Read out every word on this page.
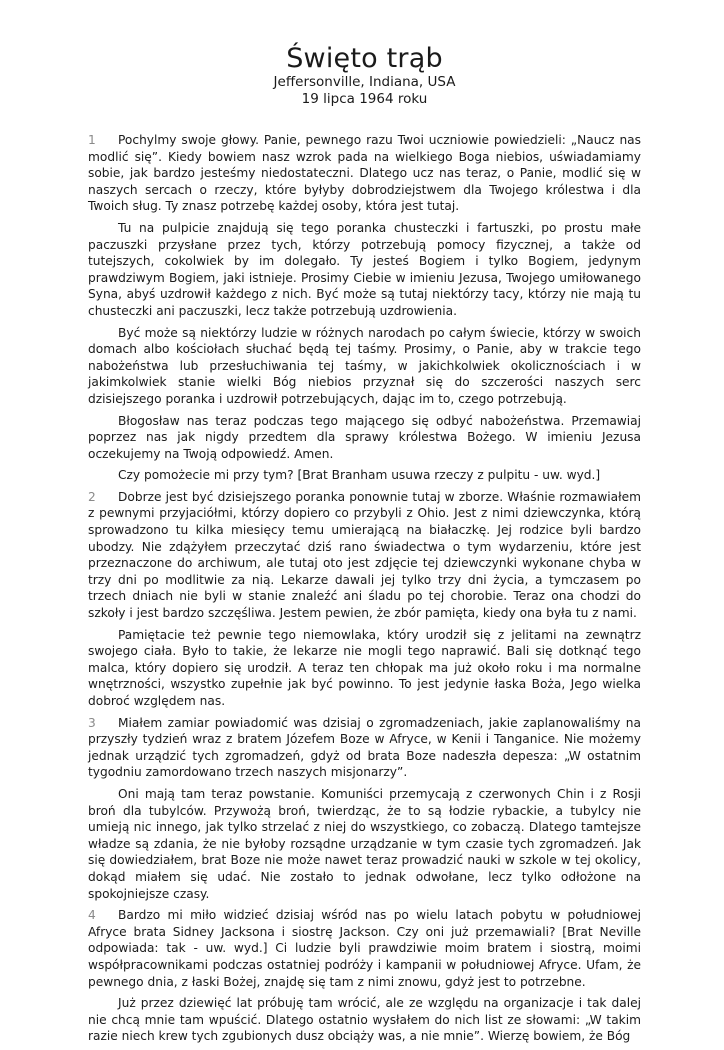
Święto trąb

Jeffersonville, Indiana, USA

19 lipca 1964 roku

1 Pochylmy swoje głowy. Panie, pewnego razu Twoi uczniowie powiedzieli: „Naucz nas modlić się”. Kiedy bowiem nasz wzrok pada na wielkiego Boga niebios, uświadamiamy sobie, jak bardzo jesteśmy niedostateczni. Dlatego ucz nas teraz, o Panie, modlić się w naszych sercach o rzeczy, które byłyby dobrodziejstwem dla Twojego królestwa i dla Twoich sług. Ty znasz potrzebę każdej osoby, która jest tutaj.

Tu na pulpicie znajdują się tego poranka chusteczki i fartuszki, po prostu małe paczuszki przysłane przez tych, którzy potrzebują pomocy fizycznej, a także od tutejszych, cokolwiek by im dolegało. Ty jesteś Bogiem i tylko Bogiem, jedynym prawdziwym Bogiem, jaki istnieje. Prosimy Ciebie w imieniu Jezusa, Twojego umiłowanego Syna, abyś uzdrowił każdego z nich. Być może są tutaj niektórzy tacy, którzy nie mają tu chusteczki ani paczuszki, lecz także potrzebują uzdrowienia.

Być może są niektórzy ludzie w różnych narodach po całym świecie, którzy w swoich domach albo kościołach słuchać będą tej taśmy. Prosimy, o Panie, aby w trakcie tego nabożeństwa lub przesłuchiwania tej taśmy, w jakichkolwiek okolicznościach i w jakimkolwiek stanie wielki Bóg niebios przyznał się do szczerości naszych serc dzisiejszego poranka i uzdrowił potrzebujących, dając im to, czego potrzebują.

Błogosław nas teraz podczas tego mającego się odbyć nabożeństwa. Przemawiaj poprzez nas jak nigdy przedtem dla sprawy królestwa Bożego. W imieniu Jezusa oczekujemy na Twoją odpowiedź. Amen.

Czy pomożecie mi przy tym? [Brat Branham usuwa rzeczy z pulpitu - uw. wyd.]

2 Dobrze jest być dzisiejszego poranka ponownie tutaj w zborze. Właśnie rozmawiałem z pewnymi przyjaciółmi, którzy dopiero co przybyli z Ohio. Jest z nimi dziewczynka, którą sprowadzono tu kilka miesięcy temu umierającą na białaczkę. Jej rodzice byli bardzo ubodzy. Nie zdążyłem przeczytać dziś rano świadectwa o tym wydarzeniu, które jest przeznaczone do archiwum, ale tutaj oto jest zdjęcie tej dziewczynki wykonane chyba w trzy dni po modlitwie za nią. Lekarze dawali jej tylko trzy dni życia, a tymczasem po trzech dniach nie byli w stanie znaleźć ani śladu po tej chorobie. Teraz ona chodzi do szkoły i jest bardzo szczęśliwa. Jestem pewien, że zbór pamięta, kiedy ona była tu z nami.

Pamiętacie też pewnie tego niemowlaka, który urodził się z jelitami na zewnątrz swojego ciała. Było to takie, że lekarze nie mogli tego naprawić. Bali się dotknąć tego malca, który dopiero się urodził. A teraz ten chłopak ma już około roku i ma normalne wnętrzności, wszystko zupełnie jak być powinno. To jest jedynie łaska Boża, Jego wielka dobroć względem nas.

3 Miałem zamiar powiadomić was dzisiaj o zgromadzeniach, jakie zaplanowaliśmy na przyszły tydzień wraz z bratem Józefem Boze w Afryce, w Kenii i Tanganice. Nie możemy jednak urządzić tych zgromadzeń, gdyż od brata Boze nadeszła depesza: „W ostatnim tygodniu zamordowano trzech naszych misjonarzy”.

Oni mają tam teraz powstanie. Komuniści przemycają z czerwonych Chin i z Rosji broń dla tubylców. Przywożą broń, twierdząc, że to są łodzie rybackie, a tubylcy nie umieją nic innego, jak tylko strzelać z niej do wszystkiego, co zobaczą. Dlatego tamtejsze władze są zdania, że nie byłoby rozsądne urządzanie w tym czasie tych zgromadzeń. Jak się dowiedziałem, brat Boze nie może nawet teraz prowadzić nauki w szkole w tej okolicy, dokąd miałem się udać. Nie zostało to jednak odwołane, lecz tylko odłożone na spokojniejsze czasy.

4 Bardzo mi miło widzieć dzisiaj wśród nas po wielu latach pobytu w południowej Afryce brata Sidney Jacksona i siostrę Jackson. Czy oni już przemawiali? [Brat Neville odpowiada: tak - uw. wyd.] Ci ludzie byli prawdziwie moim bratem i siostrą, moimi współpracownikami podczas ostatniej podróży i kampanii w południowej Afryce. Ufam, że pewnego dnia, z łaski Bożej, znajdę się tam z nimi znowu, gdyż jest to potrzebne.

Już przez dziewięć lat próbuję tam wrócić, ale ze względu na organizacje i tak dalej nie chcą mnie tam wpuścić. Dlatego ostatnio wysłałem do nich list ze słowami: „W takim razie niech krew tych zgubionych dusz obciąży was, a nie mnie”. Wierzę bowiem, że Bóg
